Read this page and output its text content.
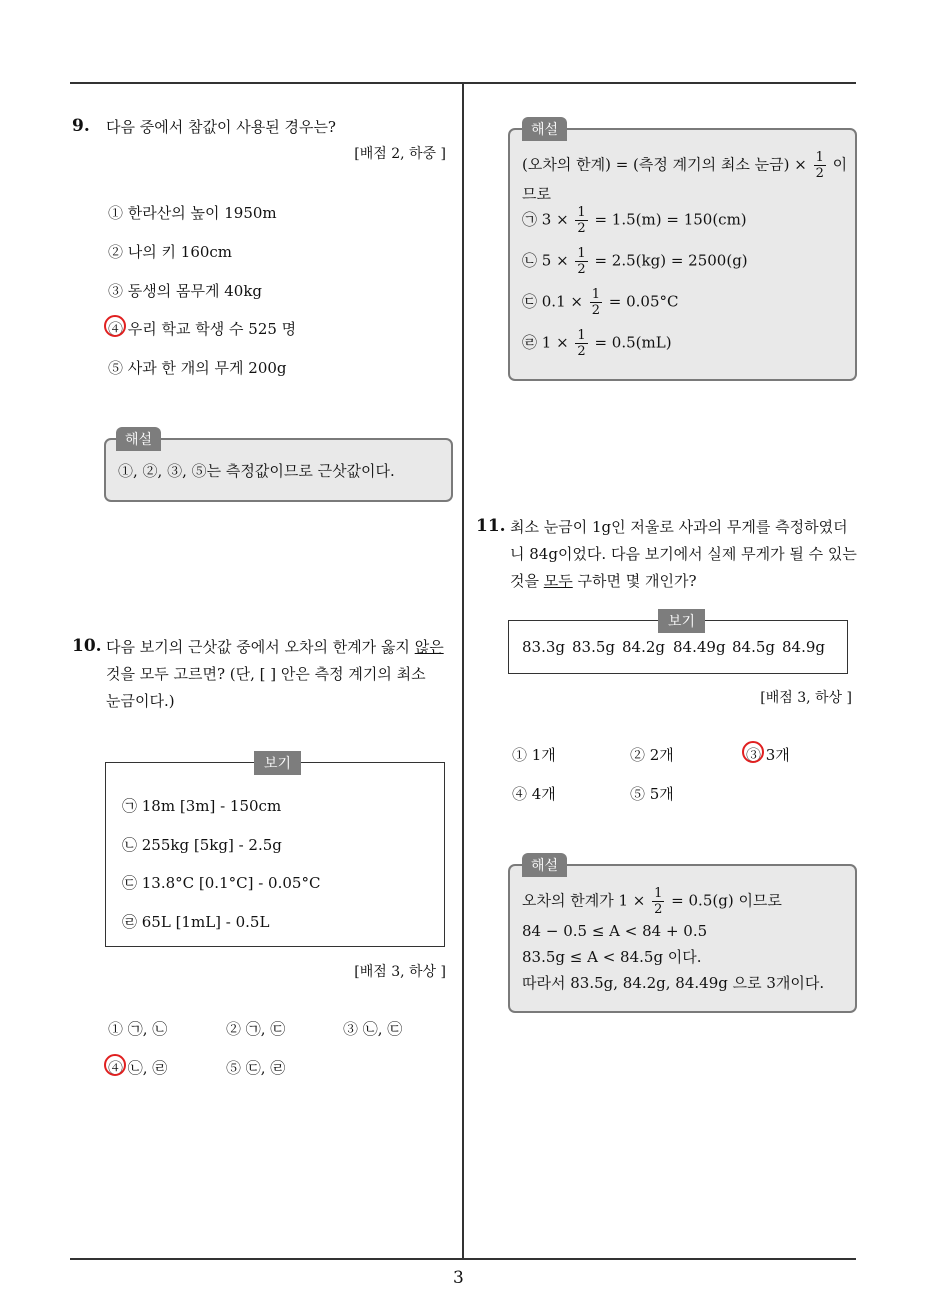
3
9. 다음 중에서 참값이 사용된 경우는?
[배점 2, 하중 ]
① 한라산의 높이 1950m
② 나의 키 160cm
③ 동생의 몸무게 40kg
④ 우리 학교 학생 수 525 명
⑤ 사과 한 개의 무게 200g
해설
①, ②, ③, ⑤는 측정값이므로 근삿값이다.
10. 다음 보기의 근삿값 중에서 오차의 한계가 옳지 않은
것을 모두 고르면? (단, [ ] 안은 측정 계기의 최소
눈금이다.)
보기
㉠ 18m [3m] - 150cm
㉡ 255kg [5kg] - 2.5g
㉢ 13.8°C [0.1°C] - 0.05°C
㉣ 65L [1mL] - 0.5L
[배점 3, 하상 ]
① ㉠, ㉡	② ㉠, ㉢	③ ㉡, ㉢
④ ㉡, ㉣	⑤ ㉢, ㉣
해설
(오차의 한계) = (측정 계기의 최소 눈금) × $\frac{1}{2}$ 이
므로
㉠ $3 \times \frac{1}{2} = 1.5(m) = 150(cm)$
㉡ $5 \times \frac{1}{2} = 2.5(kg) = 2500(g)$
㉢ $0.1 \times \frac{1}{2} = 0.05^\circ C$
㉣ $1 \times \frac{1}{2} = 0.5(mL)$
11. 최소 눈금이 1g인 저울로 사과의 무게를 측정하였더
니 84g이었다. 다음 보기에서 실제 무게가 될 수 있는
것을 모두 구하면 몇 개인가?
보기
83.3g 83.5g 84.2g 84.49g 84.5g 84.9g
[배점 3, 하상 ]
① 1개	② 2개	③ 3개
④ 4개	⑤ 5개
해설
오차의 한계가 $1 \times \frac{1}{2} = 0.5(g)$ 이므로
84 − 0.5 ≤ A < 84 + 0.5
83.5g ≤ A < 84.5g 이다.
따라서 83.5g, 84.2g, 84.49g 으로 3개이다.
